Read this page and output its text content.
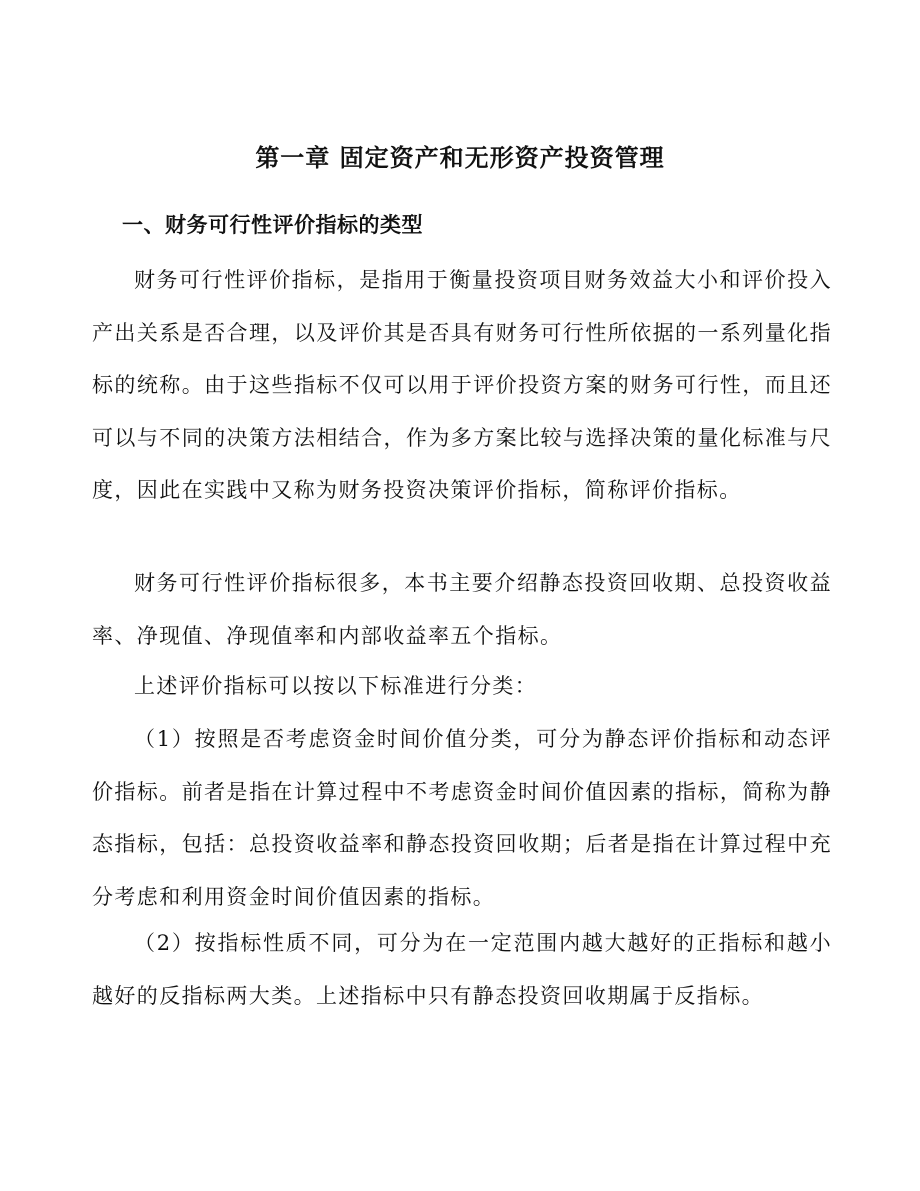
第一章 固定资产和无形资产投资管理
一、财务可行性评价指标的类型

财务可行性评价指标，是指用于衡量投资项目财务效益大小和评价投入产出关系是否合理，以及评价其是否具有财务可行性所依据的一系列量化指标的统称。由于这些指标不仅可以用于评价投资方案的财务可行性，而且还可以与不同的决策方法相结合，作为多方案比较与选择决策的量化标准与尺度，因此在实践中又称为财务投资决策评价指标，简称评价指标。

财务可行性评价指标很多，本书主要介绍静态投资回收期、总投资收益率、净现值、净现值率和内部收益率五个指标。

上述评价指标可以按以下标准进行分类：

（1）按照是否考虑资金时间价值分类，可分为静态评价指标和动态评价指标。前者是指在计算过程中不考虑资金时间价值因素的指标，简称为静态指标，包括：总投资收益率和静态投资回收期；后者是指在计算过程中充分考虑和利用资金时间价值因素的指标。

（2）按指标性质不同，可分为在一定范围内越大越好的正指标和越小越好的反指标两大类。上述指标中只有静态投资回收期属于反指标。
